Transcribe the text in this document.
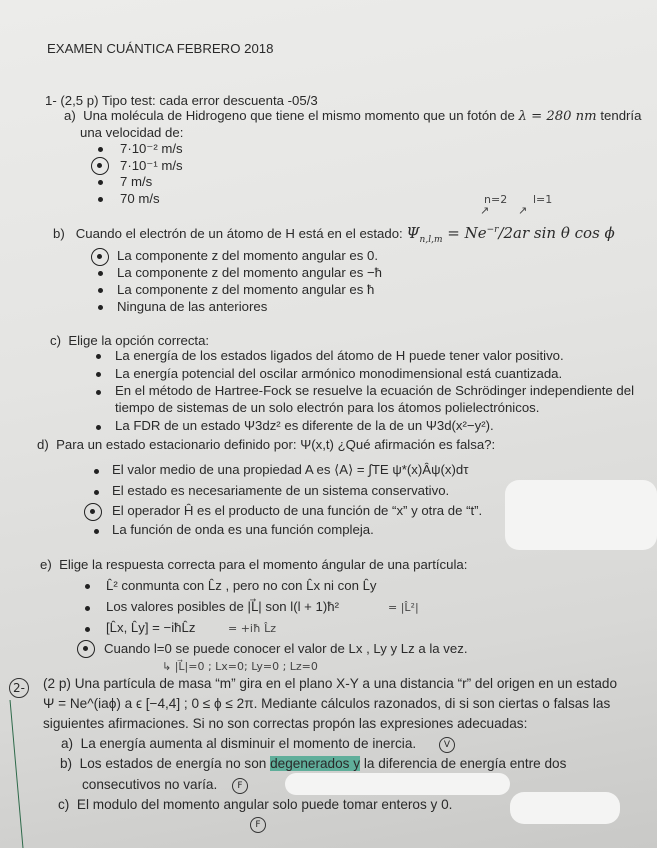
EXAMEN CUÁNTICA FEBRERO 2018
1- (2,5 p) Tipo test: cada error descuenta -05/3
a) Una molécula de Hidrogeno que tiene el mismo momento que un fotón de λ = 280 nm tendría
una velocidad de:
7·10⁻² m/s
7·10⁻¹ m/s
7 m/s
70 m/s	n=2 l=1
↗	↗
b) Cuando el electrón de un átomo de H está en el estado: $\Psi_{n,l,m} = Ne^{-r}/2ar$ sin θ cos ϕ
La componente z del momento angular es 0.
La componente z del momento angular es −ħ
La componente z del momento angular es ħ
Ninguna de las anteriores
c) Elige la opción correcta:
La energía de los estados ligados del átomo de H puede tener valor positivo.
La energía potencial del oscilar armónico monodimensional está cuantizada.
En el método de Hartree-Fock se resuelve la ecuación de Schrödinger independiente del
tiempo de sistemas de un solo electrón para los átomos polielectrónicos.
La FDR de un estado Ψ3dz² es diferente de la de un Ψ3d(x²−y²).
d) Para un estado estacionario definido por: Ψ(x,t) ¿Qué afirmación es falsa?:
El valor medio de una propiedad A es ⟨A⟩ = ∫TE ψ*(x)Âψ(x)dτ
El estado es necesariamente de un sistema conservativo.
El operador Ĥ es el producto de una función de “x” y otra de “t”.
La función de onda es una función compleja.
e) Elige la respuesta correcta para el momento ángular de una partícula:
L̂² conmunta con L̂z , pero no con L̂x ni con L̂y
Los valores posibles de |L⃗| son l(l + 1)ħ²	= |L̂²|
[L̂x, L̂y] = −iħL̂z	= +iħ L̂z
Cuando l=0 se puede conocer el valor de Lx , Ly y Lz a la vez.
↳ |L⃗|=0 ; Lx=0; Ly=0 ; Lz=0
2- (2 p) Una partícula de masa “m” gira en el plano X-Y a una distancia “r” del origen en un estado
Ψ = Ne^(iaϕ) a ϵ [−4,4] ; 0 ≤ ϕ ≤ 2π. Mediante cálculos razonados, di si son ciertas o falsas las
siguientes afirmaciones. Si no son correctas propón las expresiones adecuadas:
a) La energía aumenta al disminuir el momento de inercia.	V
b) Los estados de energía no son degenerados y la diferencia de energía entre dos
consecutivos no varía.	F
c) El modulo del momento angular solo puede tomar enteros y 0.
F
